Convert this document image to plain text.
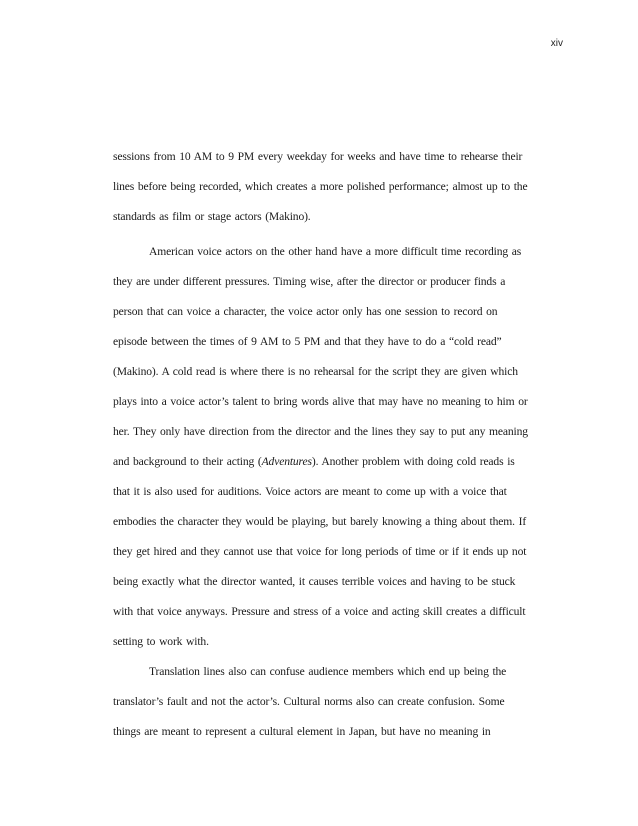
xiv
sessions from 10 AM to 9 PM every weekday for weeks and have time to rehearse their
lines before being recorded, which creates a more polished performance; almost up to the
standards as film or stage actors (Makino).
American voice actors on the other hand have a more difficult time recording as
they are under different pressures. Timing wise, after the director or producer finds a
person that can voice a character, the voice actor only has one session to record on
episode between the times of 9 AM to 5 PM and that they have to do a “cold read”
(Makino). A cold read is where there is no rehearsal for the script they are given which
plays into a voice actor’s talent to bring words alive that may have no meaning to him or
her. They only have direction from the director and the lines they say to put any meaning
and background to their acting (Adventures). Another problem with doing cold reads is
that it is also used for auditions. Voice actors are meant to come up with a voice that
embodies the character they would be playing, but barely knowing a thing about them. If
they get hired and they cannot use that voice for long periods of time or if it ends up not
being exactly what the director wanted, it causes terrible voices and having to be stuck
with that voice anyways. Pressure and stress of a voice and acting skill creates a difficult
setting to work with.
Translation lines also can confuse audience members which end up being the
translator’s fault and not the actor’s. Cultural norms also can create confusion. Some
things are meant to represent a cultural element in Japan, but have no meaning in
